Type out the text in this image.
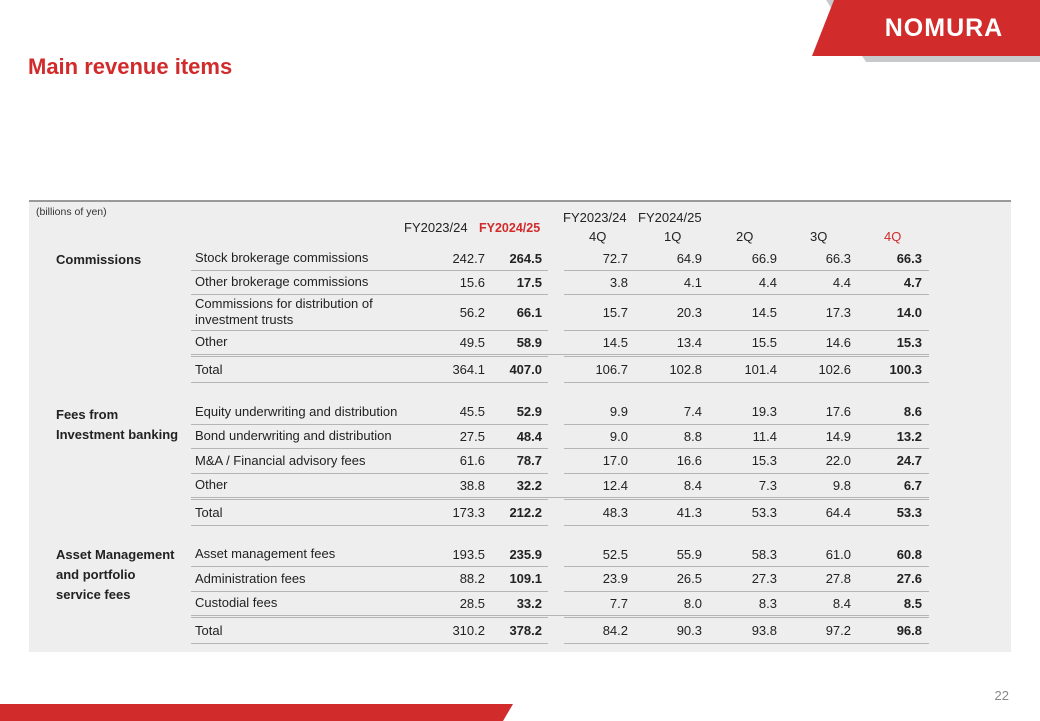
NOMURA
Main revenue items
(billions of yen)
FY2023/24 FY2024/25
FY2023/24 FY2024/25
4Q	1Q	2Q	3Q	4Q
Commissions	Stock brokerage commissions	242.7 264.5	72.7	64.9	66.9	66.3	66.3
Other brokerage commissions	15.6 17.5	3.8	4.1	4.4	4.4	4.7
Commissions for distribution of investment trusts	56.2 66.1	15.7	20.3	14.5	17.3	14.0
Other	49.5 58.9	14.5	13.4	15.5	14.6	15.3
Total	364.1 407.0	106.7	102.8	101.4	102.6	100.3
Fees from
Investment banking
Equity underwriting and distribution	45.5 52.9	9.9	7.4	19.3	17.6	8.6
Bond underwriting and distribution	27.5 48.4	9.0	8.8	11.4	14.9	13.2
M&A / Financial advisory fees	61.6 78.7	17.0	16.6	15.3	22.0	24.7
Other	38.8 32.2	12.4	8.4	7.3	9.8	6.7
Total	173.3 212.2	48.3	41.3	53.3	64.4	53.3
Asset Management
and portfolio
service fees
Asset management fees	193.5 235.9	52.5	55.9	58.3	61.0	60.8
Administration fees	88.2 109.1	23.9	26.5	27.3	27.8	27.6
Custodial fees	28.5 33.2	7.7	8.0	8.3	8.4	8.5
Total	310.2 378.2	84.2	90.3	93.8	97.2	96.8
22
